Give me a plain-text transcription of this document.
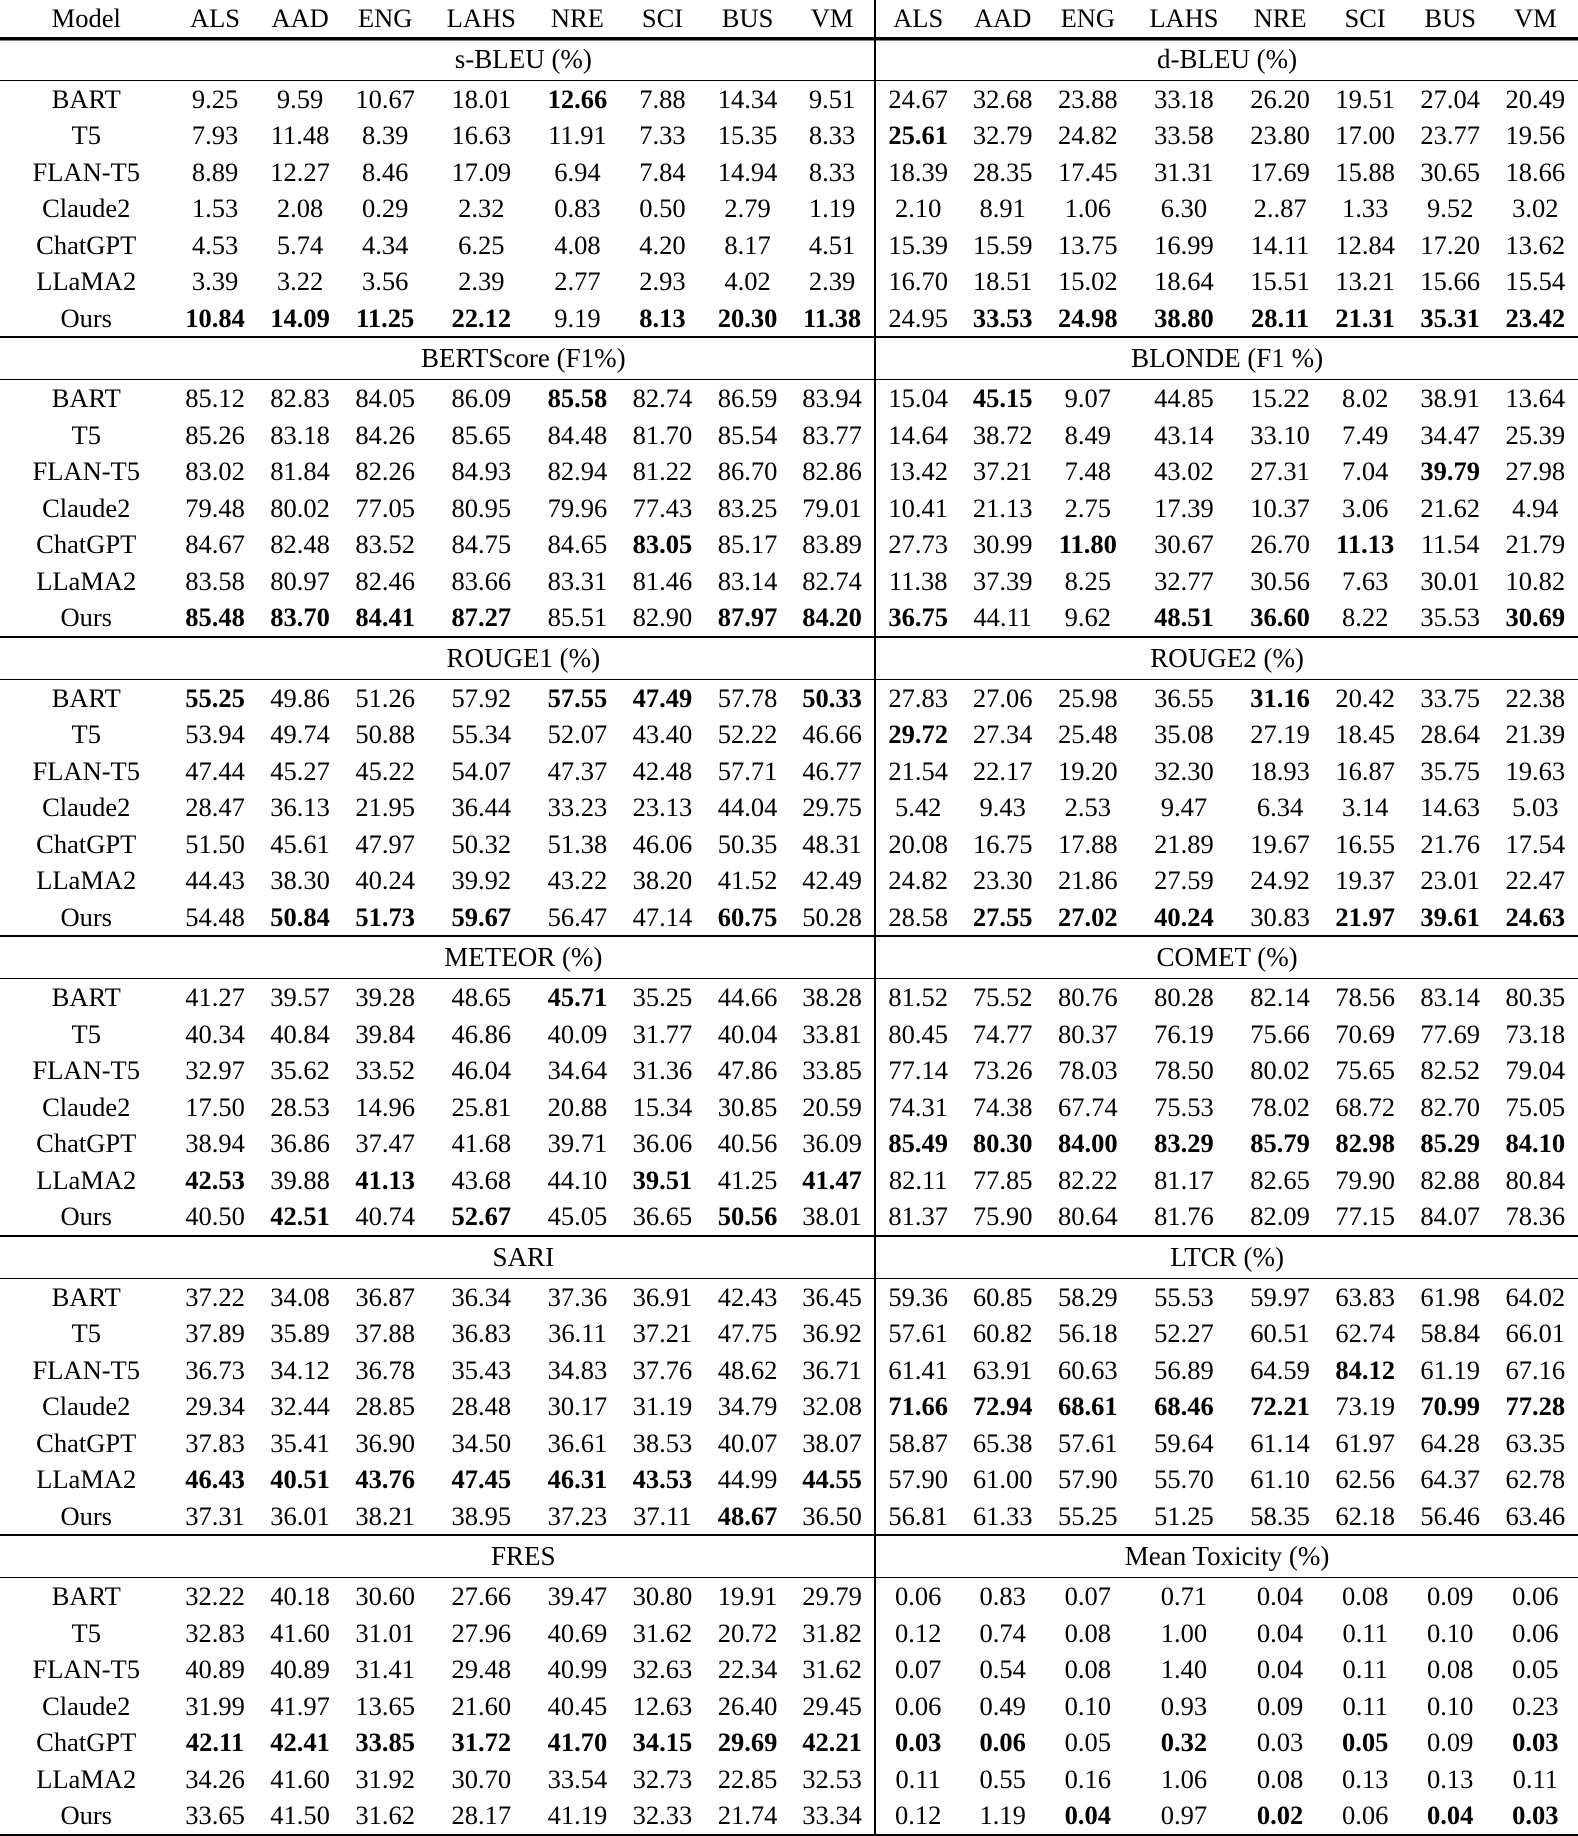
Model	ALS	AAD	ENG	LAHS	NRE	SCI	BUS	VM	ALS	AAD	ENG	LAHS	NRE	SCI	BUS	VM
	s-BLEU (%)								d-BLEU (%)							
BART	9.25	9.59	10.67	18.01	12.66	7.88	14.34	9.51	24.67	32.68	23.88	33.18	26.20	19.51	27.04	20.49
T5	7.93	11.48	8.39	16.63	11.91	7.33	15.35	8.33	25.61	32.79	24.82	33.58	23.80	17.00	23.77	19.56
FLAN-T5	8.89	12.27	8.46	17.09	6.94	7.84	14.94	8.33	18.39	28.35	17.45	31.31	17.69	15.88	30.65	18.66
Claude2	1.53	2.08	0.29	2.32	0.83	0.50	2.79	1.19	2.10	8.91	1.06	6.30	2..87	1.33	9.52	3.02
ChatGPT	4.53	5.74	4.34	6.25	4.08	4.20	8.17	4.51	15.39	15.59	13.75	16.99	14.11	12.84	17.20	13.62
LLaMA2	3.39	3.22	3.56	2.39	2.77	2.93	4.02	2.39	16.70	18.51	15.02	18.64	15.51	13.21	15.66	15.54
Ours	10.84	14.09	11.25	22.12	9.19	8.13	20.30	11.38	24.95	33.53	24.98	38.80	28.11	21.31	35.31	23.42
	BERTScore (F1%)								BLONDE (F1 %)							
BART	85.12	82.83	84.05	86.09	85.58	82.74	86.59	83.94	15.04	45.15	9.07	44.85	15.22	8.02	38.91	13.64
T5	85.26	83.18	84.26	85.65	84.48	81.70	85.54	83.77	14.64	38.72	8.49	43.14	33.10	7.49	34.47	25.39
FLAN-T5	83.02	81.84	82.26	84.93	82.94	81.22	86.70	82.86	13.42	37.21	7.48	43.02	27.31	7.04	39.79	27.98
Claude2	79.48	80.02	77.05	80.95	79.96	77.43	83.25	79.01	10.41	21.13	2.75	17.39	10.37	3.06	21.62	4.94
ChatGPT	84.67	82.48	83.52	84.75	84.65	83.05	85.17	83.89	27.73	30.99	11.80	30.67	26.70	11.13	11.54	21.79
LLaMA2	83.58	80.97	82.46	83.66	83.31	81.46	83.14	82.74	11.38	37.39	8.25	32.77	30.56	7.63	30.01	10.82
Ours	85.48	83.70	84.41	87.27	85.51	82.90	87.97	84.20	36.75	44.11	9.62	48.51	36.60	8.22	35.53	30.69
	ROUGE1 (%)								ROUGE2 (%)							
BART	55.25	49.86	51.26	57.92	57.55	47.49	57.78	50.33	27.83	27.06	25.98	36.55	31.16	20.42	33.75	22.38
T5	53.94	49.74	50.88	55.34	52.07	43.40	52.22	46.66	29.72	27.34	25.48	35.08	27.19	18.45	28.64	21.39
FLAN-T5	47.44	45.27	45.22	54.07	47.37	42.48	57.71	46.77	21.54	22.17	19.20	32.30	18.93	16.87	35.75	19.63
Claude2	28.47	36.13	21.95	36.44	33.23	23.13	44.04	29.75	5.42	9.43	2.53	9.47	6.34	3.14	14.63	5.03
ChatGPT	51.50	45.61	47.97	50.32	51.38	46.06	50.35	48.31	20.08	16.75	17.88	21.89	19.67	16.55	21.76	17.54
LLaMA2	44.43	38.30	40.24	39.92	43.22	38.20	41.52	42.49	24.82	23.30	21.86	27.59	24.92	19.37	23.01	22.47
Ours	54.48	50.84	51.73	59.67	56.47	47.14	60.75	50.28	28.58	27.55	27.02	40.24	30.83	21.97	39.61	24.63
	METEOR (%)								COMET (%)							
BART	41.27	39.57	39.28	48.65	45.71	35.25	44.66	38.28	81.52	75.52	80.76	80.28	82.14	78.56	83.14	80.35
T5	40.34	40.84	39.84	46.86	40.09	31.77	40.04	33.81	80.45	74.77	80.37	76.19	75.66	70.69	77.69	73.18
FLAN-T5	32.97	35.62	33.52	46.04	34.64	31.36	47.86	33.85	77.14	73.26	78.03	78.50	80.02	75.65	82.52	79.04
Claude2	17.50	28.53	14.96	25.81	20.88	15.34	30.85	20.59	74.31	74.38	67.74	75.53	78.02	68.72	82.70	75.05
ChatGPT	38.94	36.86	37.47	41.68	39.71	36.06	40.56	36.09	85.49	80.30	84.00	83.29	85.79	82.98	85.29	84.10
LLaMA2	42.53	39.88	41.13	43.68	44.10	39.51	41.25	41.47	82.11	77.85	82.22	81.17	82.65	79.90	82.88	80.84
Ours	40.50	42.51	40.74	52.67	45.05	36.65	50.56	38.01	81.37	75.90	80.64	81.76	82.09	77.15	84.07	78.36
	SARI								LTCR (%)							
BART	37.22	34.08	36.87	36.34	37.36	36.91	42.43	36.45	59.36	60.85	58.29	55.53	59.97	63.83	61.98	64.02
T5	37.89	35.89	37.88	36.83	36.11	37.21	47.75	36.92	57.61	60.82	56.18	52.27	60.51	62.74	58.84	66.01
FLAN-T5	36.73	34.12	36.78	35.43	34.83	37.76	48.62	36.71	61.41	63.91	60.63	56.89	64.59	84.12	61.19	67.16
Claude2	29.34	32.44	28.85	28.48	30.17	31.19	34.79	32.08	71.66	72.94	68.61	68.46	72.21	73.19	70.99	77.28
ChatGPT	37.83	35.41	36.90	34.50	36.61	38.53	40.07	38.07	58.87	65.38	57.61	59.64	61.14	61.97	64.28	63.35
LLaMA2	46.43	40.51	43.76	47.45	46.31	43.53	44.99	44.55	57.90	61.00	57.90	55.70	61.10	62.56	64.37	62.78
Ours	37.31	36.01	38.21	38.95	37.23	37.11	48.67	36.50	56.81	61.33	55.25	51.25	58.35	62.18	56.46	63.46
	FRES								Mean Toxicity (%)							
BART	32.22	40.18	30.60	27.66	39.47	30.80	19.91	29.79	0.06	0.83	0.07	0.71	0.04	0.08	0.09	0.06
T5	32.83	41.60	31.01	27.96	40.69	31.62	20.72	31.82	0.12	0.74	0.08	1.00	0.04	0.11	0.10	0.06
FLAN-T5	40.89	40.89	31.41	29.48	40.99	32.63	22.34	31.62	0.07	0.54	0.08	1.40	0.04	0.11	0.08	0.05
Claude2	31.99	41.97	13.65	21.60	40.45	12.63	26.40	29.45	0.06	0.49	0.10	0.93	0.09	0.11	0.10	0.23
ChatGPT	42.11	42.41	33.85	31.72	41.70	34.15	29.69	42.21	0.03	0.06	0.05	0.32	0.03	0.05	0.09	0.03
LLaMA2	34.26	41.60	31.92	30.70	33.54	32.73	22.85	32.53	0.11	0.55	0.16	1.06	0.08	0.13	0.13	0.11
Ours	33.65	41.50	31.62	28.17	41.19	32.33	21.74	33.34	0.12	1.19	0.04	0.97	0.02	0.06	0.04	0.03
